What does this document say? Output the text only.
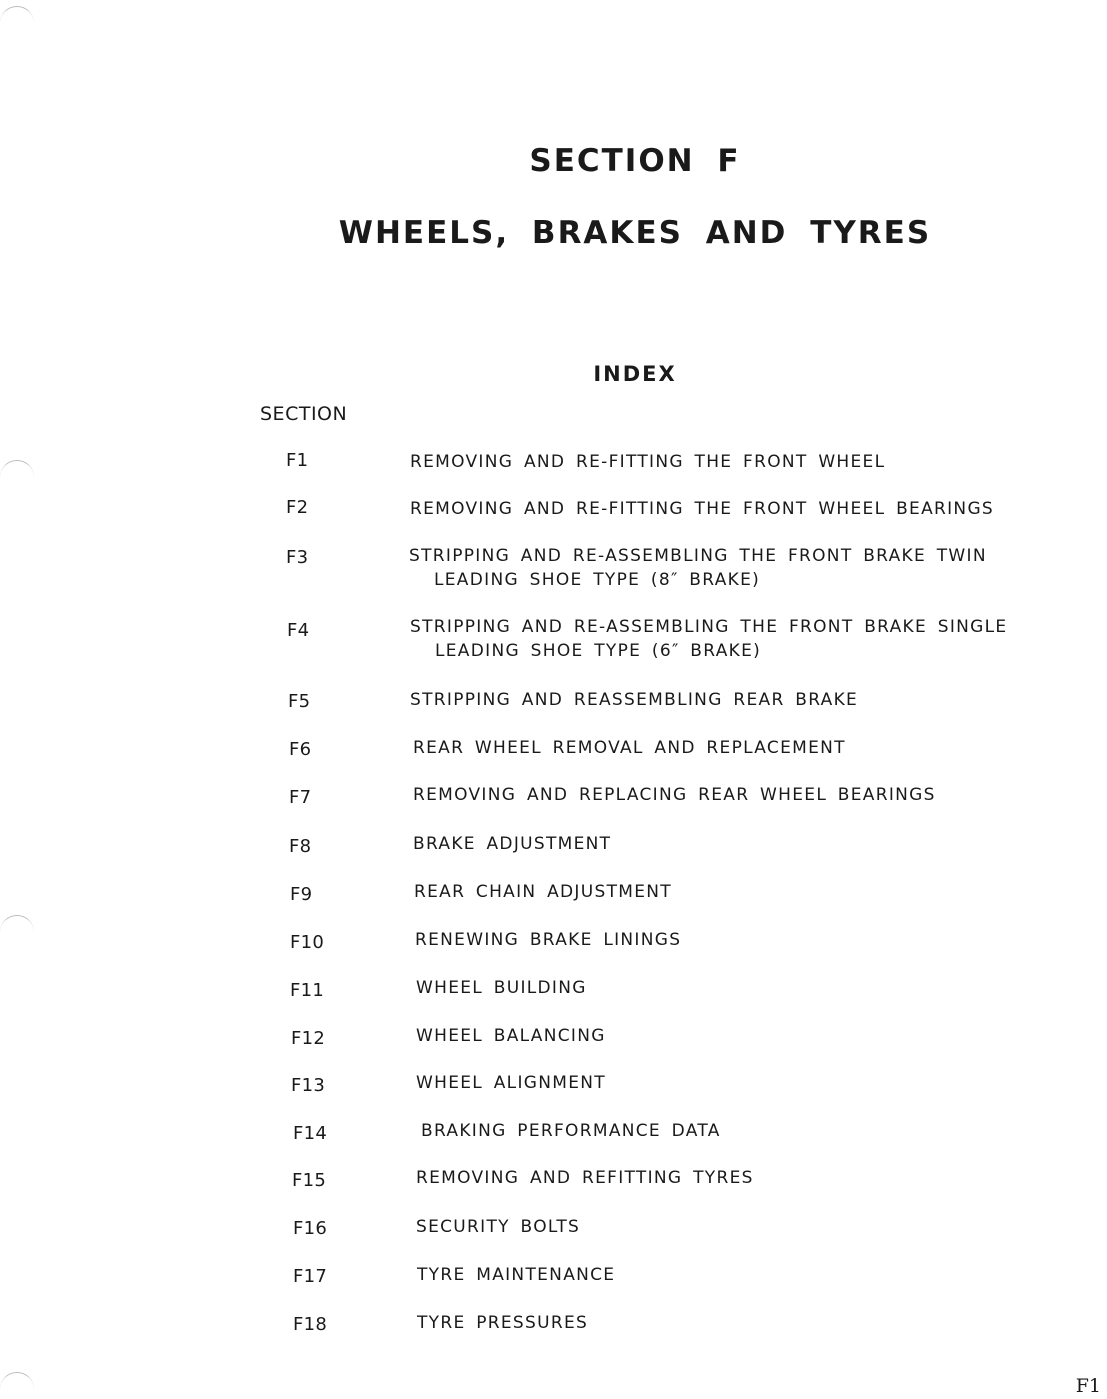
SECTION F
WHEELS, BRAKES AND TYRES
INDEX
SECTION
F1	REMOVING AND RE-FITTING THE FRONT WHEEL
F2	REMOVING AND RE-FITTING THE FRONT WHEEL BEARINGS
F3	STRIPPING AND RE-ASSEMBLING THE FRONT BRAKE TWIN
LEADING SHOE TYPE (8″ BRAKE)
F4	STRIPPING AND RE-ASSEMBLING THE FRONT BRAKE SINGLE
LEADING SHOE TYPE (6″ BRAKE)
F5	STRIPPING AND REASSEMBLING REAR BRAKE
F6	REAR WHEEL REMOVAL AND REPLACEMENT
F7	REMOVING AND REPLACING REAR WHEEL BEARINGS
F8	BRAKE ADJUSTMENT
F9	REAR CHAIN ADJUSTMENT
F10	RENEWING BRAKE LININGS
F11	WHEEL BUILDING
F12	WHEEL BALANCING
F13	WHEEL ALIGNMENT
F14	BRAKING PERFORMANCE DATA
F15	REMOVING AND REFITTING TYRES
F16	SECURITY BOLTS
F17	TYRE MAINTENANCE
F18	TYRE PRESSURES
F1
